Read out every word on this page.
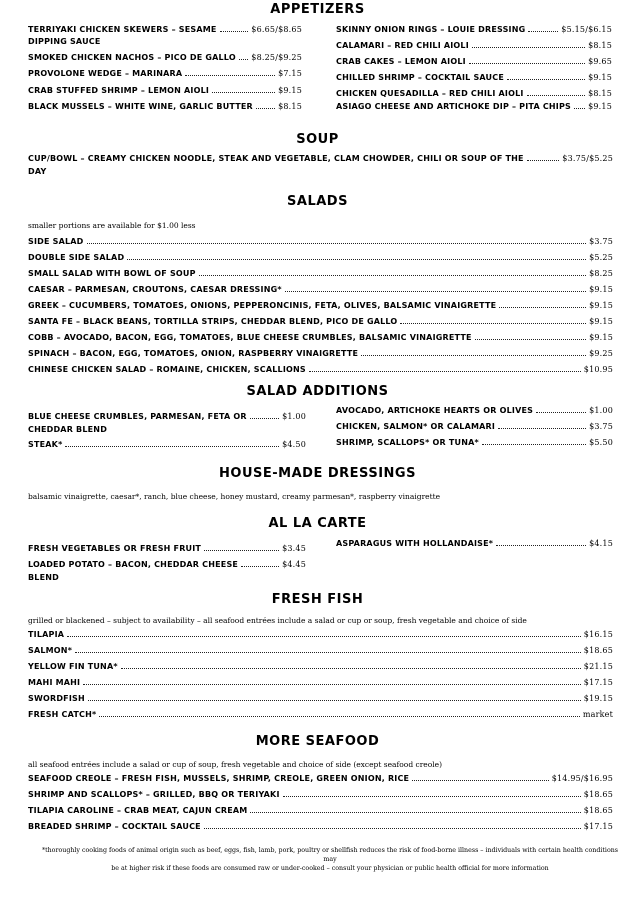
APPETIZERS
TERRIYAKI CHICKEN SKEWERS – SESAME	$6.65/$8.65
DIPPING SAUCE
SMOKED CHICKEN NACHOS – PICO DE GALLO $8.25/$9.25
PROVOLONE WEDGE – MARINARA	$7.15
CRAB STUFFED SHRIMP – LEMON AIOLI	$9.15
BLACK MUSSELS – WHITE WINE, GARLIC BUTTER	$8.15
SKINNY ONION RINGS – LOUIE DRESSING	$5.15/$6.15
CALAMARI – RED CHILI AIOLI	$8.15
CRAB CAKES – LEMON AIOLI	$9.65
CHILLED SHRIMP – COCKTAIL SAUCE	$9.15
CHICKEN QUESADILLA – RED CHILI AIOLI	$8.15
ASIAGO CHEESE AND ARTICHOKE DIP – PITA CHIPS $9.15
SOUP
CUP/BOWL – CREAMY CHICKEN NOODLE, STEAK AND VEGETABLE, CLAM CHOWDER, CHILI OR SOUP OF THE	$3.75/$5.25
DAY
SALADS
smaller portions are available for $1.00 less
SIDE SALAD	$3.75
DOUBLE SIDE SALAD	$5.25
SMALL SALAD WITH BOWL OF SOUP	$8.25
CAESAR – PARMESAN, CROUTONS, CAESAR DRESSING*	$9.15
GREEK – CUCUMBERS, TOMATOES, ONIONS, PEPPERONCINIS, FETA, OLIVES, BALSAMIC VINAIGRETTE	$9.15
SANTA FE – BLACK BEANS, TORTILLA STRIPS, CHEDDAR BLEND, PICO DE GALLO	$9.15
COBB – AVOCADO, BACON, EGG, TOMATOES, BLUE CHEESE CRUMBLES, BALSAMIC VINAIGRETTE	$9.15
SPINACH – BACON, EGG, TOMATOES, ONION, RASPBERRY VINAIGRETTE	$9.25
CHINESE CHICKEN SALAD – ROMAINE, CHICKEN, SCALLIONS	$10.95
SALAD ADDITIONS
BLUE CHEESE CRUMBLES, PARMESAN, FETA OR	$1.00
CHEDDAR BLEND
STEAK*	$4.50
AVOCADO, ARTICHOKE HEARTS OR OLIVES	$1.00
CHICKEN, SALMON* OR CALAMARI	$3.75
SHRIMP, SCALLOPS* OR TUNA*	$5.50
HOUSE-MADE DRESSINGS
balsamic vinaigrette, caesar*, ranch, blue cheese, honey mustard, creamy parmesan*, raspberry vinaigrette
AL LA CARTE
FRESH VEGETABLES OR FRESH FRUIT	$3.45
LOADED POTATO – BACON, CHEDDAR CHEESE	$4.45
BLEND
ASPARAGUS WITH HOLLANDAISE*	$4.15
FRESH FISH
grilled or blackened – subject to availability – all seafood entrées include a salad or cup or soup, fresh vegetable and choice of side
TILAPIA	$16.15
SALMON*	$18.65
YELLOW FIN TUNA*	$21.15
MAHI MAHI	$17.15
SWORDFISH	$19.15
FRESH CATCH*	market
MORE SEAFOOD
all seafood entrées include a salad or cup of soup, fresh vegetable and choice of side (except seafood creole)
SEAFOOD CREOLE – FRESH FISH, MUSSELS, SHRIMP, CREOLE, GREEN ONION, RICE	$14.95/$16.95
SHRIMP AND SCALLOPS* – GRILLED, BBQ OR TERIYAKI	$18.65
TILAPIA CAROLINE – CRAB MEAT, CAJUN CREAM	$18.65
BREADED SHRIMP – COCKTAIL SAUCE	$17.15
*thoroughly cooking foods of animal origin such as beef, eggs, fish, lamb, pork, poultry or shellfish reduces the risk of food-borne illness – individuals with certain health conditions may
be at higher risk if these foods are consumed raw or under-cooked – consult your physician or public health official for more information
